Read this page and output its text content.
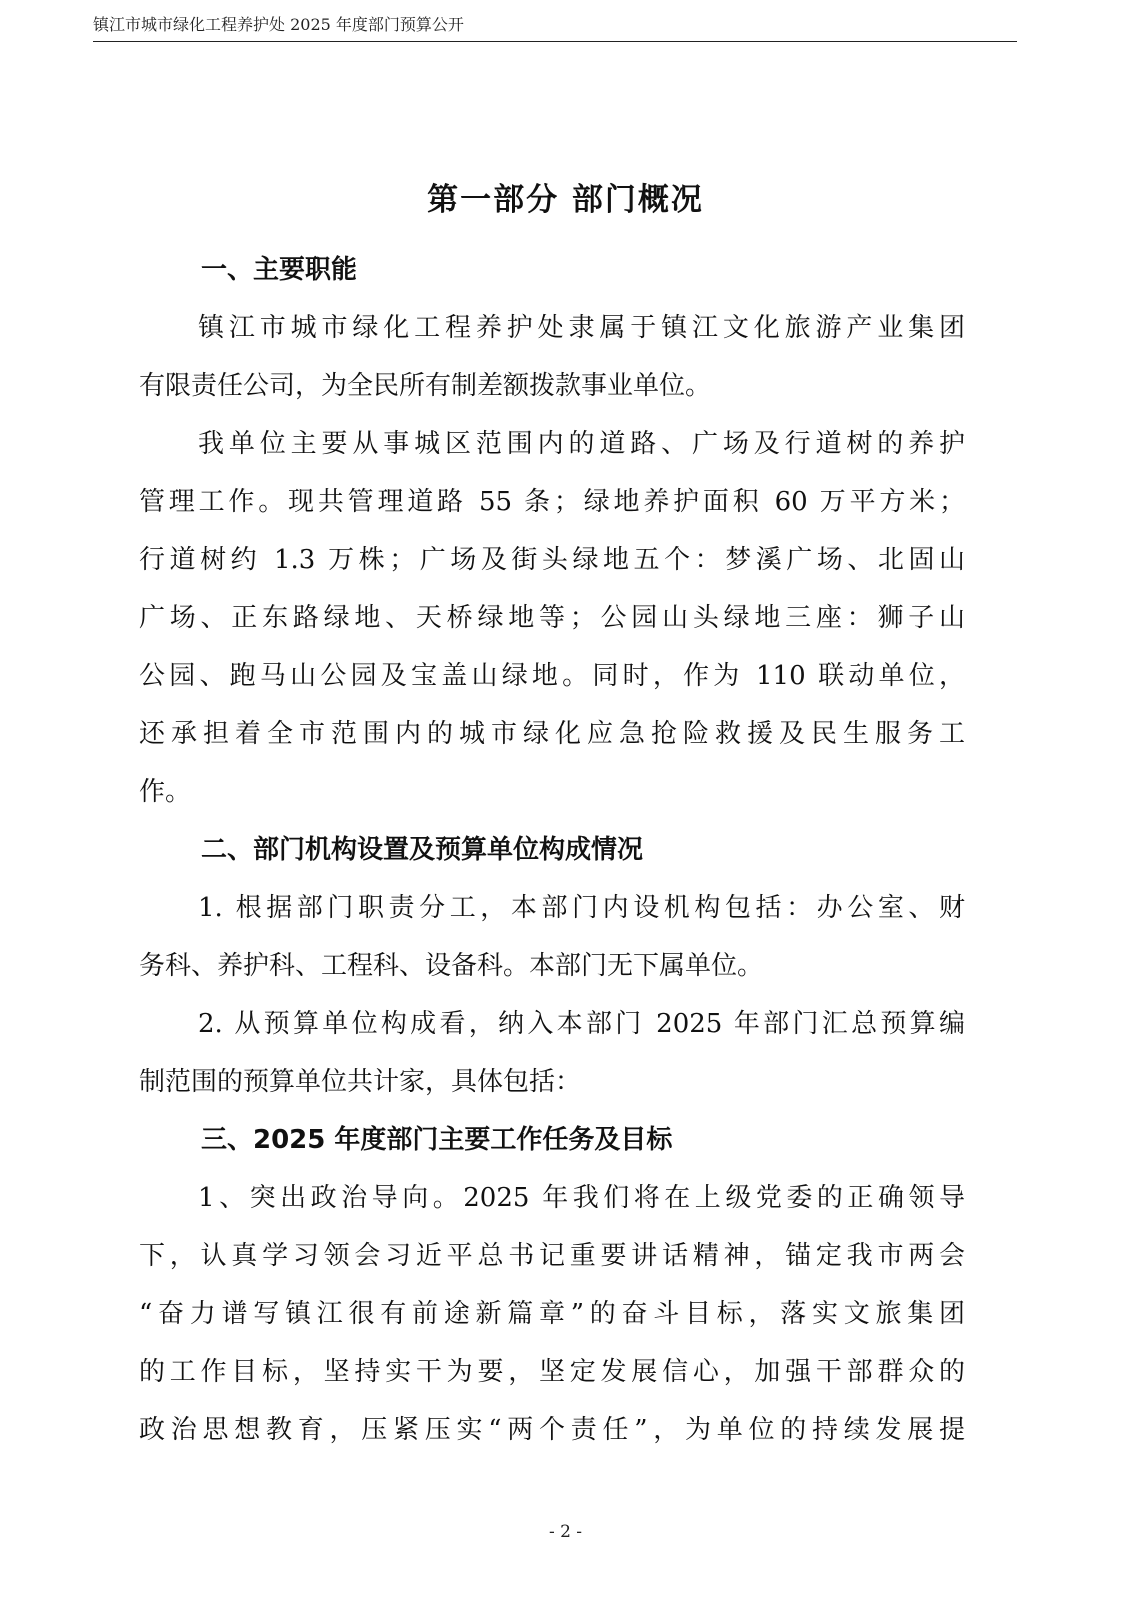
镇江市城市绿化工程养护处 2025 年度部门预算公开
第一部分 部门概况
一、主要职能
镇江市城市绿化工程养护处隶属于镇江文化旅游产业集团
有限责任公司，为全民所有制差额拨款事业单位。
我单位主要从事城区范围内的道路、广场及行道树的养护
管理工作。现共管理道路 55 条；绿地养护面积 60 万平方米；
行道树约 1.3 万株；广场及街头绿地五个：梦溪广场、北固山
广场、正东路绿地、天桥绿地等；公园山头绿地三座：狮子山
公园、跑马山公园及宝盖山绿地。同时，作为 110 联动单位，
还承担着全市范围内的城市绿化应急抢险救援及民生服务工
作。
二、部门机构设置及预算单位构成情况
1. 根据部门职责分工，本部门内设机构包括：办公室、财
务科、养护科、工程科、设备科。本部门无下属单位。
2. 从预算单位构成看，纳入本部门 2025 年部门汇总预算编
制范围的预算单位共计家，具体包括：
三、2025 年度部门主要工作任务及目标
1、突出政治导向。2025 年我们将在上级党委的正确领导
下，认真学习领会习近平总书记重要讲话精神，锚定我市两会
“奋力谱写镇江很有前途新篇章”的奋斗目标，落实文旅集团
的工作目标，坚持实干为要，坚定发展信心，加强干部群众的
政治思想教育，压紧压实“两个责任”，为单位的持续发展提
- 2 -
